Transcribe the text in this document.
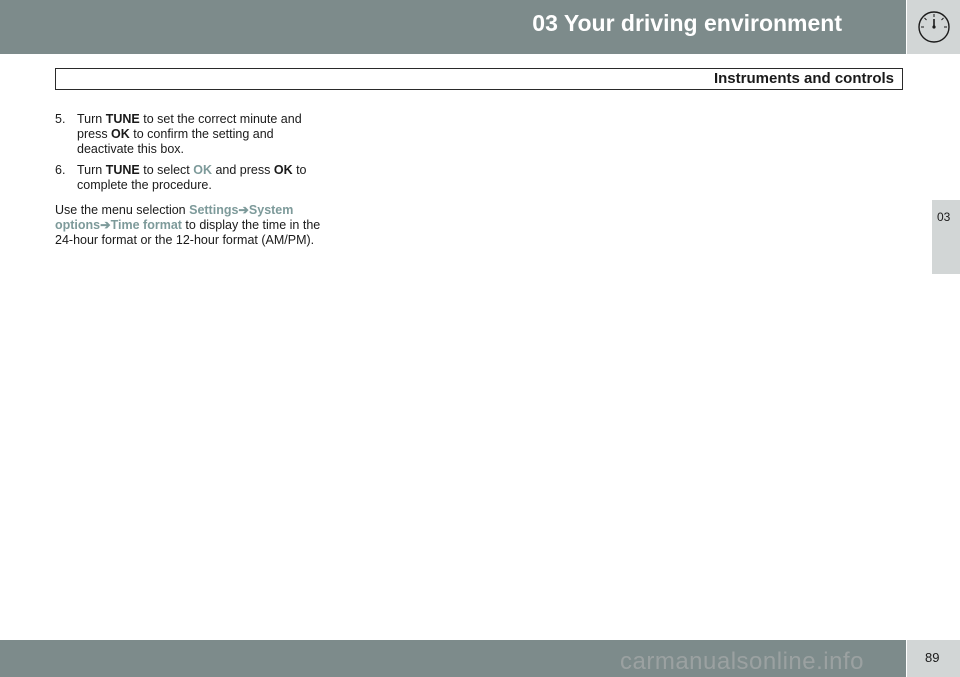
03 Your driving environment
Instruments and controls
03
5. Turn TUNE to set the correct minute and press OK to confirm the setting and deactivate this box.
6. Turn TUNE to select OK and press OK to complete the procedure.
Use the menu selection Settings➔System options➔Time format to display the time in the 24-hour format or the 12-hour format (AM/PM).
89
carmanualsonline.info
